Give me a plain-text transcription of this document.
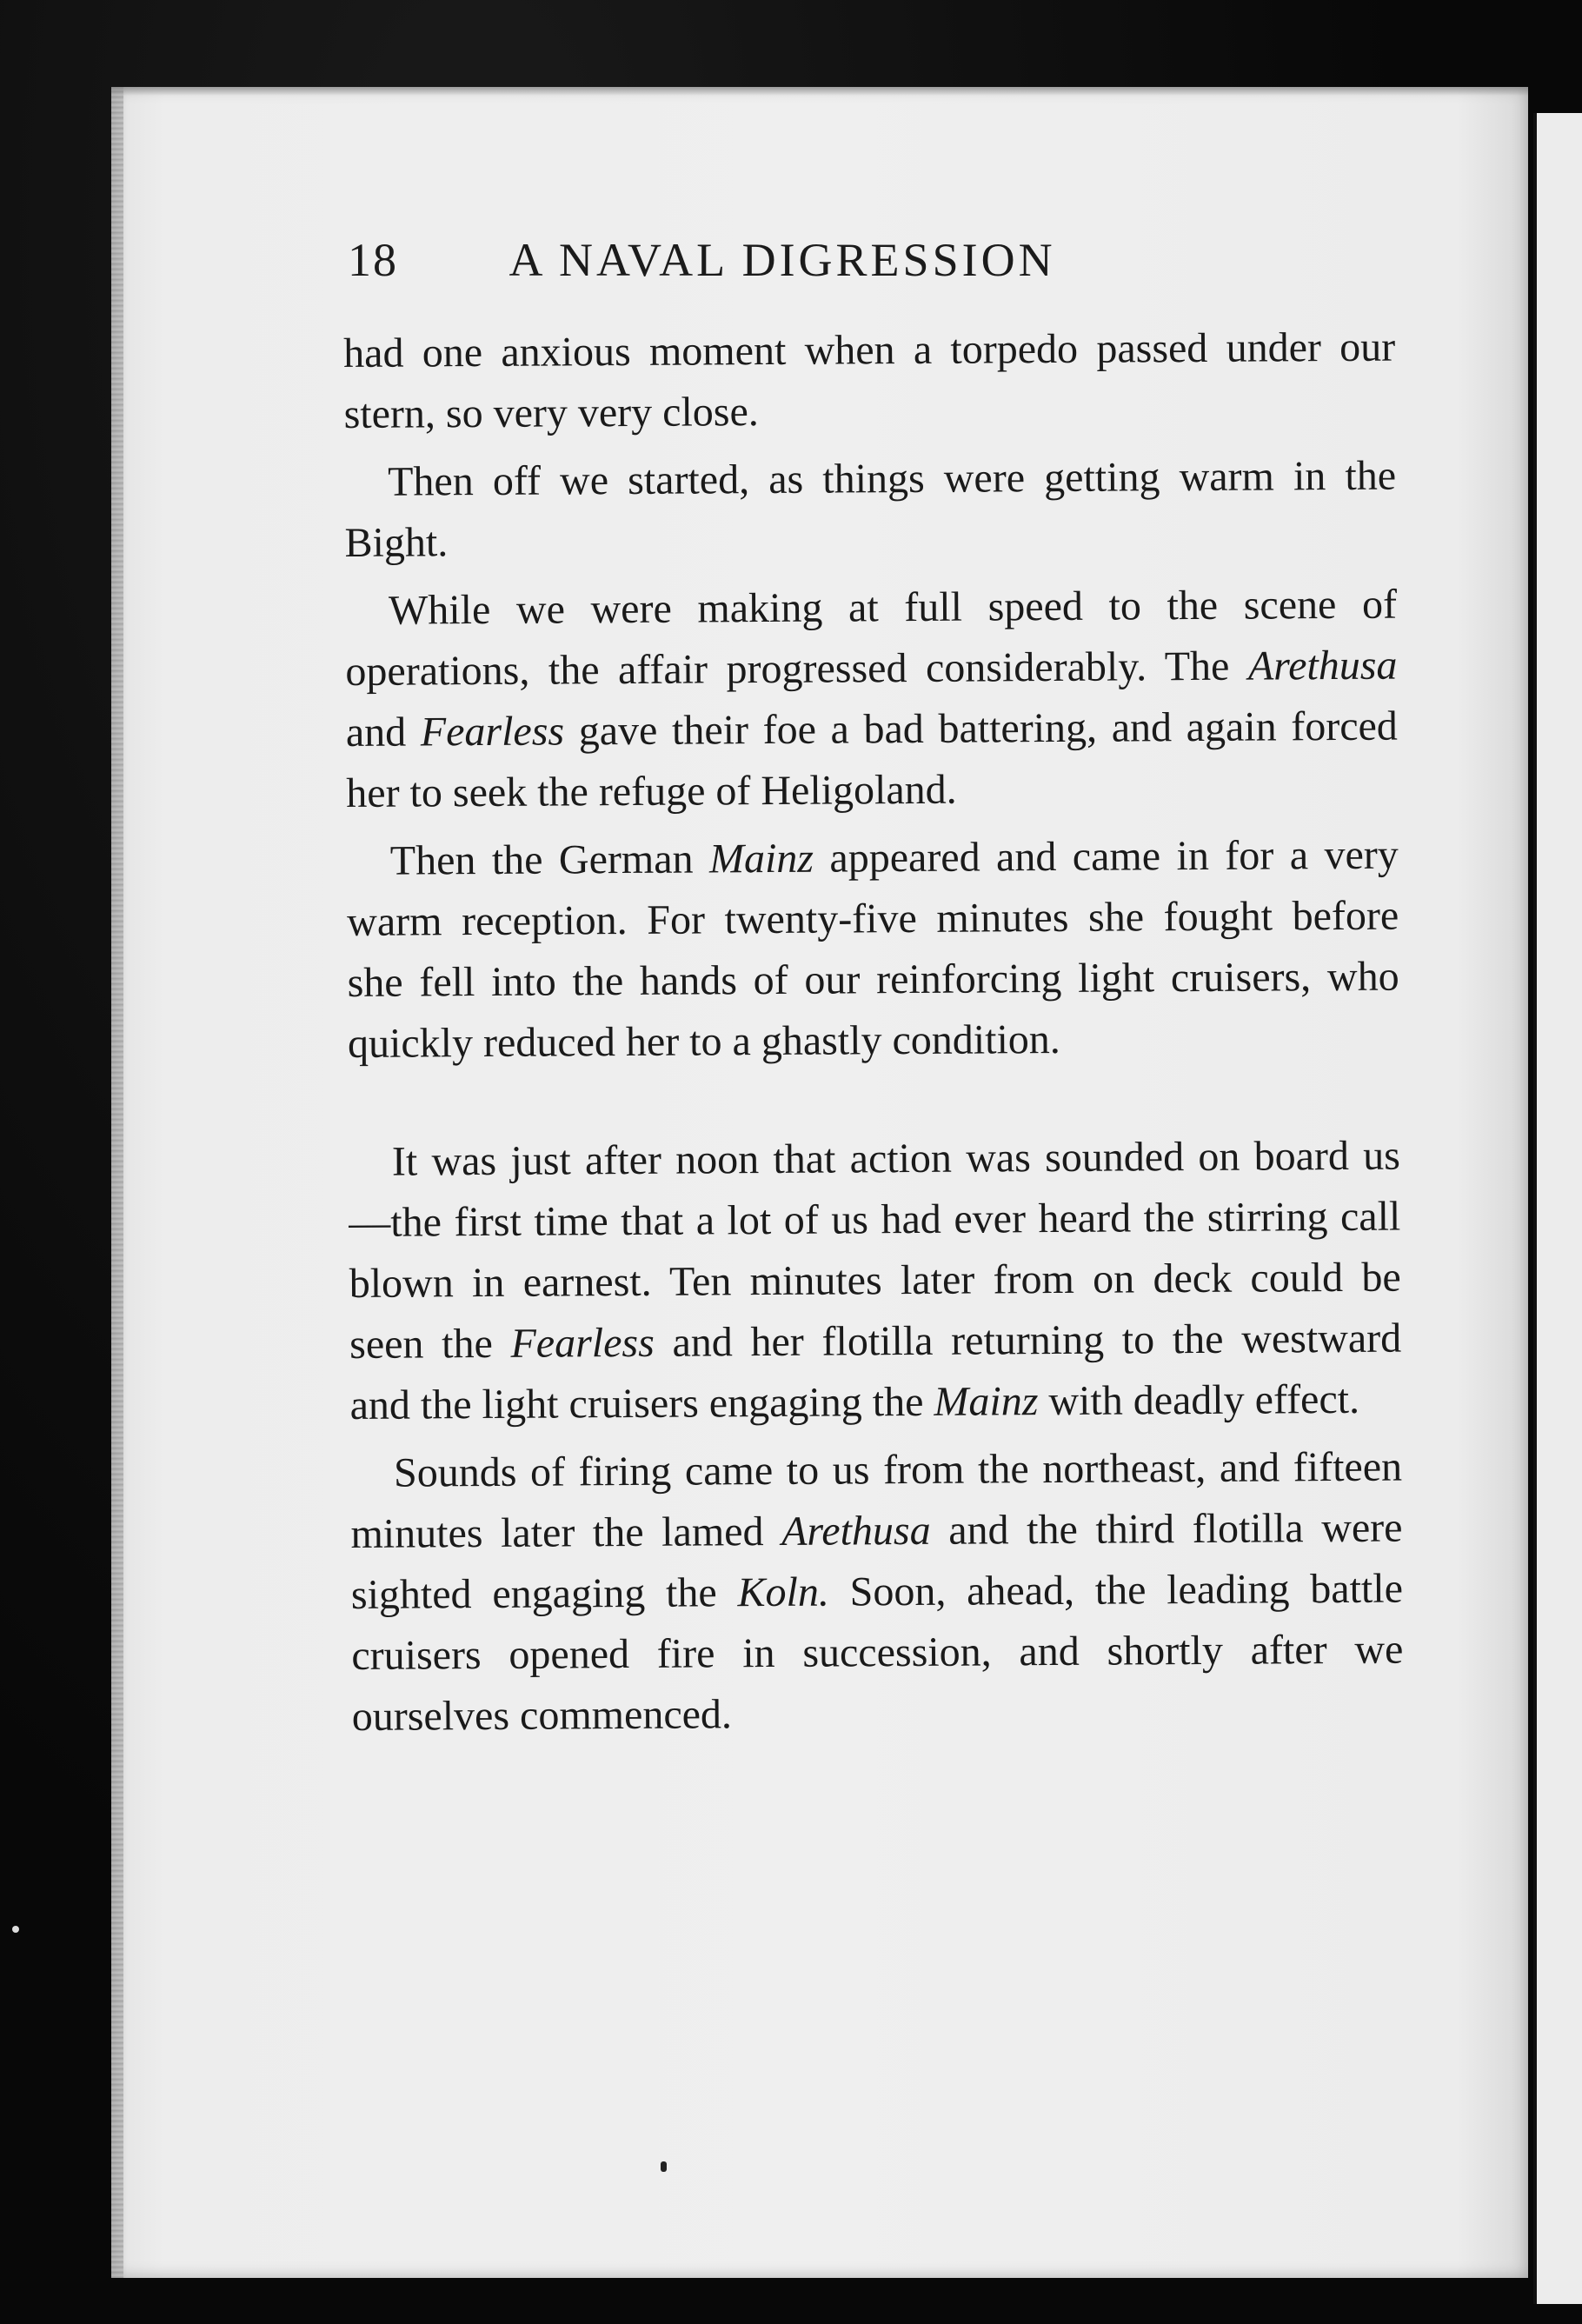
18 A NAVAL DIGRESSION

had one anxious moment when a torpedo passed under our stern, so very very close.

Then off we started, as things were getting warm in the Bight.

While we were making at full speed to the scene of operations, the affair progressed considerably. The Arethusa and Fearless gave their foe a bad battering, and again forced her to seek the refuge of Heligoland.

Then the German Mainz appeared and came in for a very warm reception. For twenty-five minutes she fought before she fell into the hands of our reinforcing light cruisers, who quickly reduced her to a ghastly condition.

It was just after noon that action was sounded on board us—the first time that a lot of us had ever heard the stirring call blown in earnest. Ten minutes later from on deck could be seen the Fearless and her flotilla returning to the westward and the light cruisers engaging the Mainz with deadly effect.

Sounds of firing came to us from the northeast, and fifteen minutes later the lamed Arethusa and the third flotilla were sighted engaging the Koln. Soon, ahead, the leading battle cruisers opened fire in succession, and shortly after we ourselves commenced.
